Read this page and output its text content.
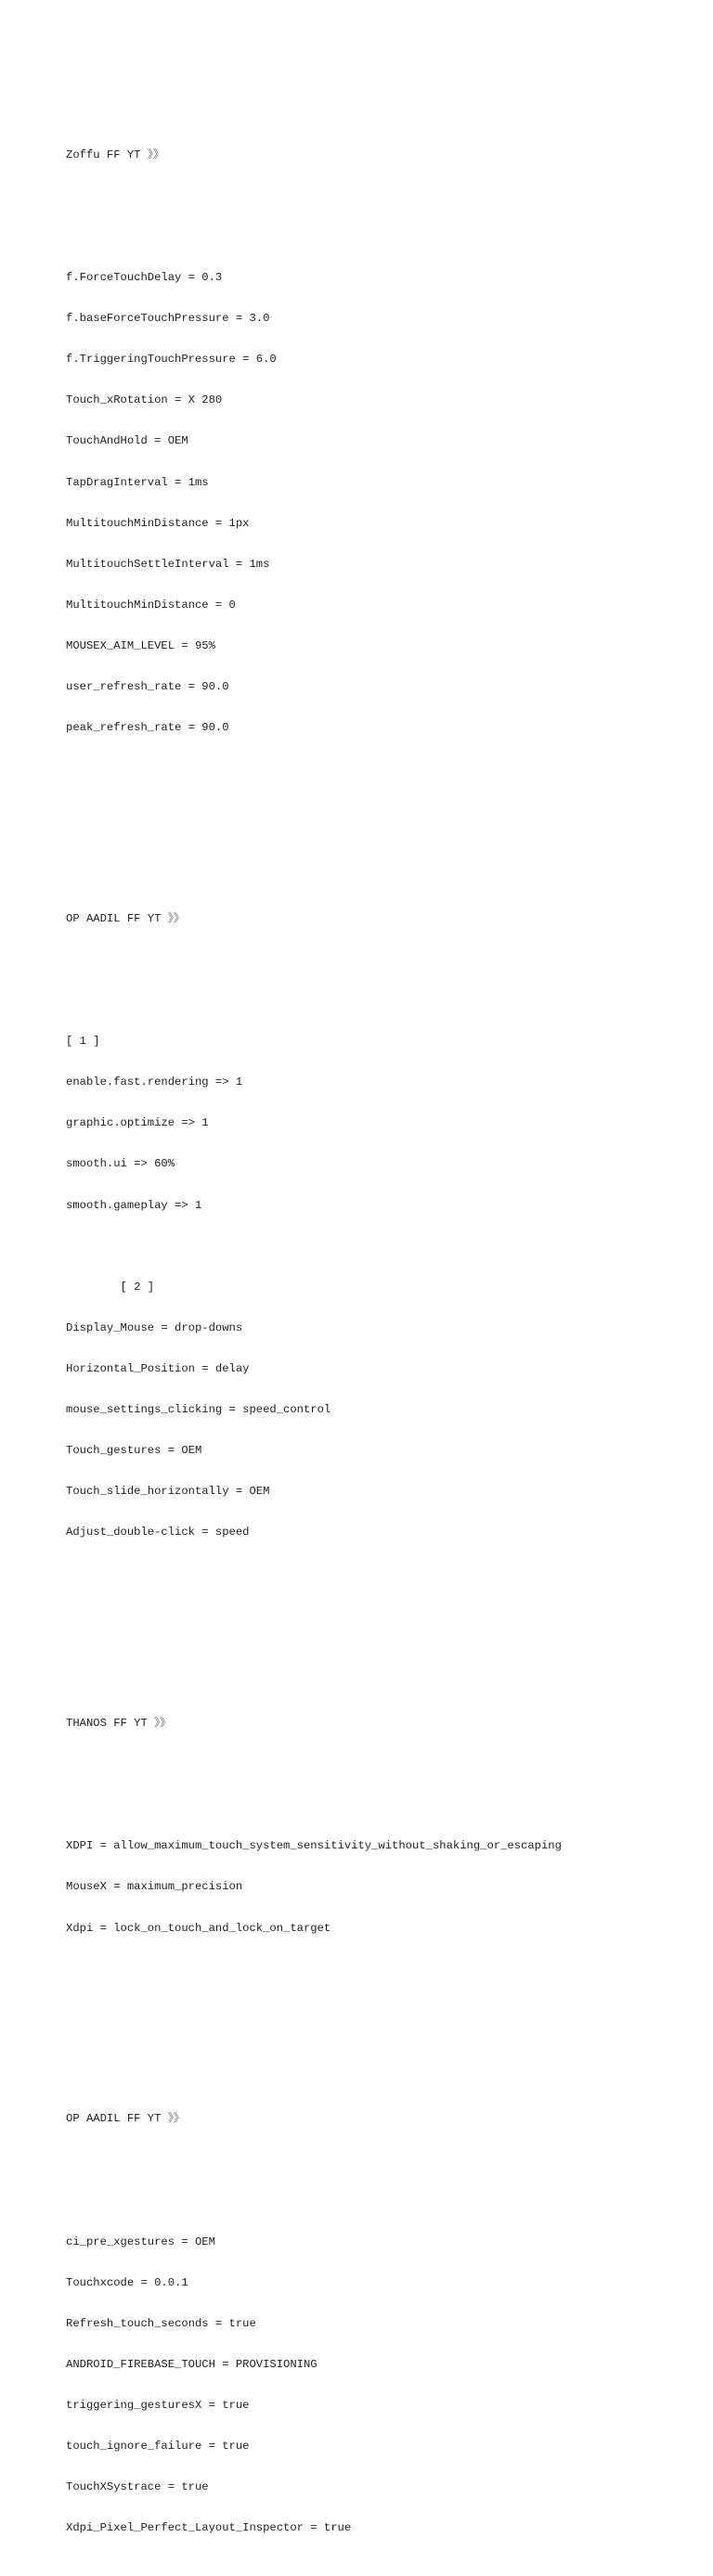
Zoffu FF YT 》》

f.ForceTouchDelay = 0.3

f.baseForceTouchPressure = 3.0

f.TriggeringTouchPressure = 6.0

Touch_xRotation = X 280

TouchAndHold = OEM

TapDragInterval = 1ms

MultitouchMinDistance = 1px

MultitouchSettleInterval = 1ms

MultitouchMinDistance = 0

MOUSEX_AIM_LEVEL = 95%

user_refresh_rate = 90.0

peak_refresh_rate = 90.0

OP AADIL FF YT 》》

[ 1 ]

enable.fast.rendering => 1

graphic.optimize => 1

smooth.ui => 60%

smooth.gameplay => 1

[ 2 ]

Display_Mouse = drop-downs

Horizontal_Position = delay

mouse_settings_clicking = speed_control

Touch_gestures = OEM

Touch_slide_horizontally = OEM

Adjust_double-click = speed

THANOS FF YT 》》

XDPI = allow_maximum_touch_system_sensitivity_without_shaking_or_escaping

MouseX = maximum_precision

Xdpi = lock_on_touch_and_lock_on_target

OP AADIL FF YT 》》

ci_pre_xgestures = OEM

Touchxcode = 0.0.1

Refresh_touch_seconds = true

ANDROID_FIREBASE_TOUCH = PROVISIONING

triggering_gesturesX = true

touch_ignore_failure = true

TouchXSystrace = true

Xdpi_Pixel_Perfect_Layout_Inspector = true
